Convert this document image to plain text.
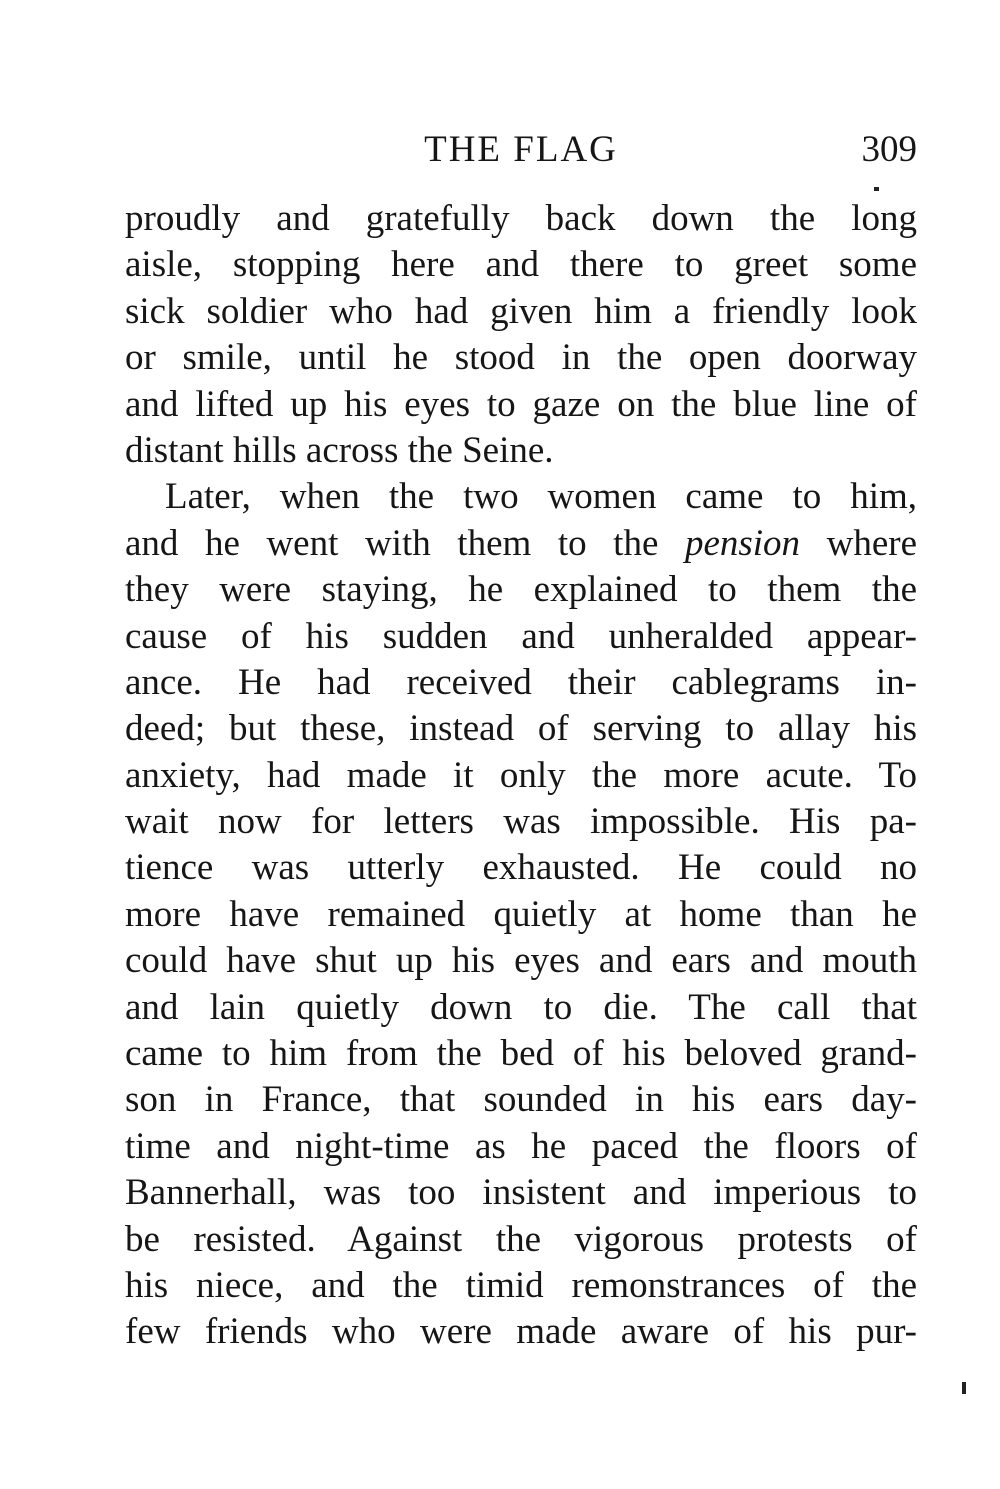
THE FLAG	309
proudly and gratefully back down the long
aisle, stopping here and there to greet some
sick soldier who had given him a friendly look
or smile, until he stood in the open doorway
and lifted up his eyes to gaze on the blue line of
distant hills across the Seine.
Later, when the two women came to him,
and he went with them to the pension where
they were staying, he explained to them the
cause of his sudden and unheralded appear-
ance. He had received their cablegrams in-
deed; but these, instead of serving to allay his
anxiety, had made it only the more acute. To
wait now for letters was impossible. His pa-
tience was utterly exhausted. He could no
more have remained quietly at home than he
could have shut up his eyes and ears and mouth
and lain quietly down to die. The call that
came to him from the bed of his beloved grand-
son in France, that sounded in his ears day-
time and night-time as he paced the floors of
Bannerhall, was too insistent and imperious to
be resisted. Against the vigorous protests of
his niece, and the timid remonstrances of the
few friends who were made aware of his pur-
